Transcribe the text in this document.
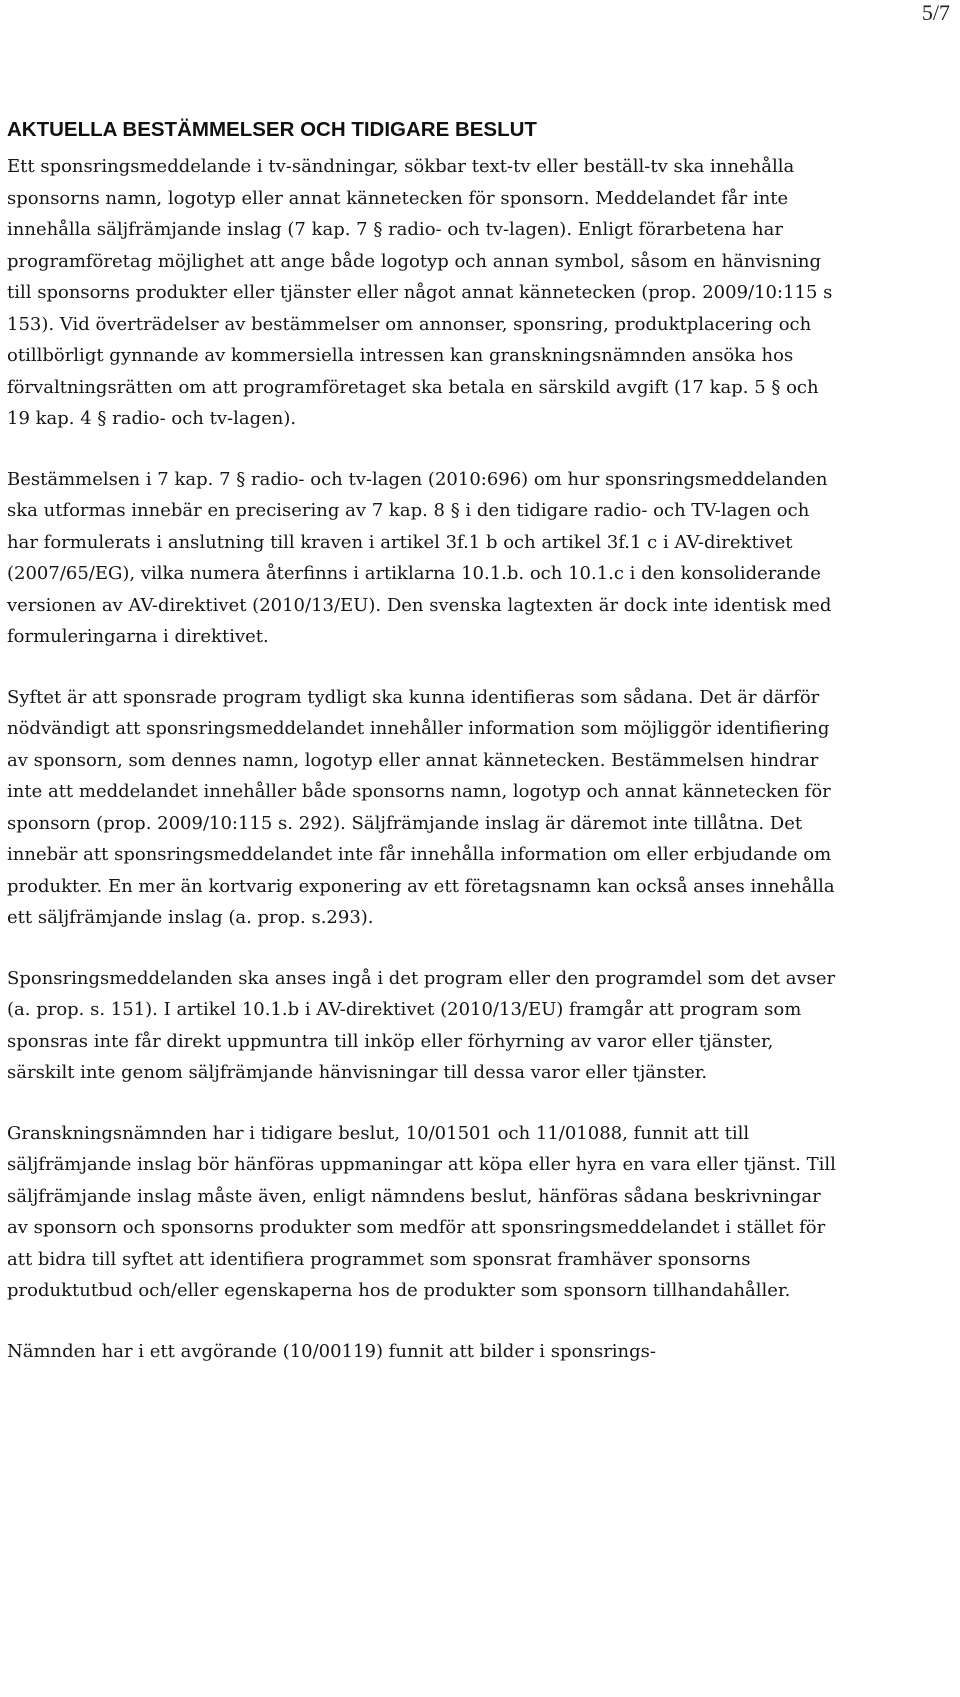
5/7
AKTUELLA BESTÄMMELSER OCH TIDIGARE BESLUT

Ett sponsringsmeddelande i tv-sändningar, sökbar text-tv eller beställ-tv ska innehålla sponsorns namn, logotyp eller annat kännetecken för sponsorn. Meddelandet får inte innehålla säljfrämjande inslag (7 kap. 7 § radio- och tv-lagen). Enligt förarbetena har programföretag möjlighet att ange både logotyp och annan symbol, såsom en hänvisning till sponsorns produkter eller tjänster eller något annat kännetecken (prop. 2009/10:115 s 153). Vid överträdelser av bestämmelser om annonser, sponsring, produktplacering och otillbörligt gynnande av kommersiella intressen kan granskningsnämnden ansöka hos förvaltningsrätten om att programföretaget ska betala en särskild avgift (17 kap. 5 § och 19 kap. 4 § radio- och tv-lagen).

Bestämmelsen i 7 kap. 7 § radio- och tv-lagen (2010:696) om hur sponsringsmeddelanden ska utformas innebär en precisering av 7 kap. 8 § i den tidigare radio- och TV-lagen och har formulerats i anslutning till kraven i artikel 3f.1 b och artikel 3f.1 c i AV-direktivet (2007/65/EG), vilka numera återfinns i artiklarna 10.1.b. och 10.1.c i den konsoliderande versionen av AV-direktivet (2010/13/EU). Den svenska lagtexten är dock inte identisk med formuleringarna i direktivet.

Syftet är att sponsrade program tydligt ska kunna identifieras som sådana. Det är därför nödvändigt att sponsringsmeddelandet innehåller information som möjliggör identifiering av sponsorn, som dennes namn, logotyp eller annat kännetecken. Bestämmelsen hindrar inte att meddelandet innehåller både sponsorns namn, logotyp och annat kännetecken för sponsorn (prop. 2009/10:115 s. 292). Säljfrämjande inslag är däremot inte tillåtna. Det innebär att sponsringsmeddelandet inte får innehålla information om eller erbjudande om produkter. En mer än kortvarig exponering av ett företagsnamn kan också anses innehålla ett säljfrämjande inslag (a. prop. s.293).

Sponsringsmeddelanden ska anses ingå i det program eller den programdel som det avser (a. prop. s. 151). I artikel 10.1.b i AV-direktivet (2010/13/EU) framgår att program som sponsras inte får direkt uppmuntra till inköp eller förhyrning av varor eller tjänster, särskilt inte genom säljfrämjande hänvisningar till dessa varor eller tjänster.

Granskningsnämnden har i tidigare beslut, 10/01501 och 11/01088, funnit att till säljfrämjande inslag bör hänföras uppmaningar att köpa eller hyra en vara eller tjänst. Till säljfrämjande inslag måste även, enligt nämndens beslut, hänföras sådana beskrivningar av sponsorn och sponsorns produkter som medför att sponsringsmeddelandet i stället för att bidra till syftet att identifiera programmet som sponsrat framhäver sponsorns produktutbud och/eller egenskaperna hos de produkter som sponsorn tillhandahåller.

Nämnden har i ett avgörande (10/00119) funnit att bilder i sponsrings-
